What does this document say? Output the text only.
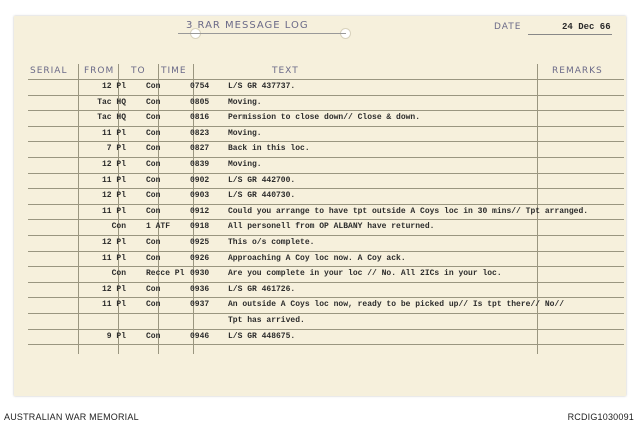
3 RAR MESSAGE LOG	DATE	24 Dec 66
SERIAL FROM TO TIME	TEXT	REMARKS
12 Pl	Con	0754 L/S GR 437737.
Tac HQ	Con	0805 Moving.
Tac HQ	Con	0816 Permission to close down// Close & down.
11 Pl	Con	0823 Moving.
7 Pl	Con	0827 Back in this loc.
12 Pl	Con	0839 Moving.
11 Pl	Con	0902 L/S GR 442700.
12 Pl	Con	0903 L/S GR 440730.
11 Pl	Con	0912 Could you arrange to have tpt outside A Coys loc in 30 mins// Tpt arranged.
Con	1 ATF 0918 All personell from OP ALBANY have returned.
12 Pl	Con	0925 This o/s complete.
11 Pl	Con	0926 Approaching A Coy loc now. A Coy ack.
Con	Recce Pl 0930 Are you complete in your loc // No. All 2ICs in your loc.
12 Pl	Con	0936 L/S GR 461726.
11 Pl	Con	0937 An outside A Coys loc now, ready to be picked up// Is tpt there// No//
Tpt has arrived.
9 Pl	Con	0946 L/S GR 448675.
AUSTRALIAN WAR MEMORIAL	RCDIG1030091
